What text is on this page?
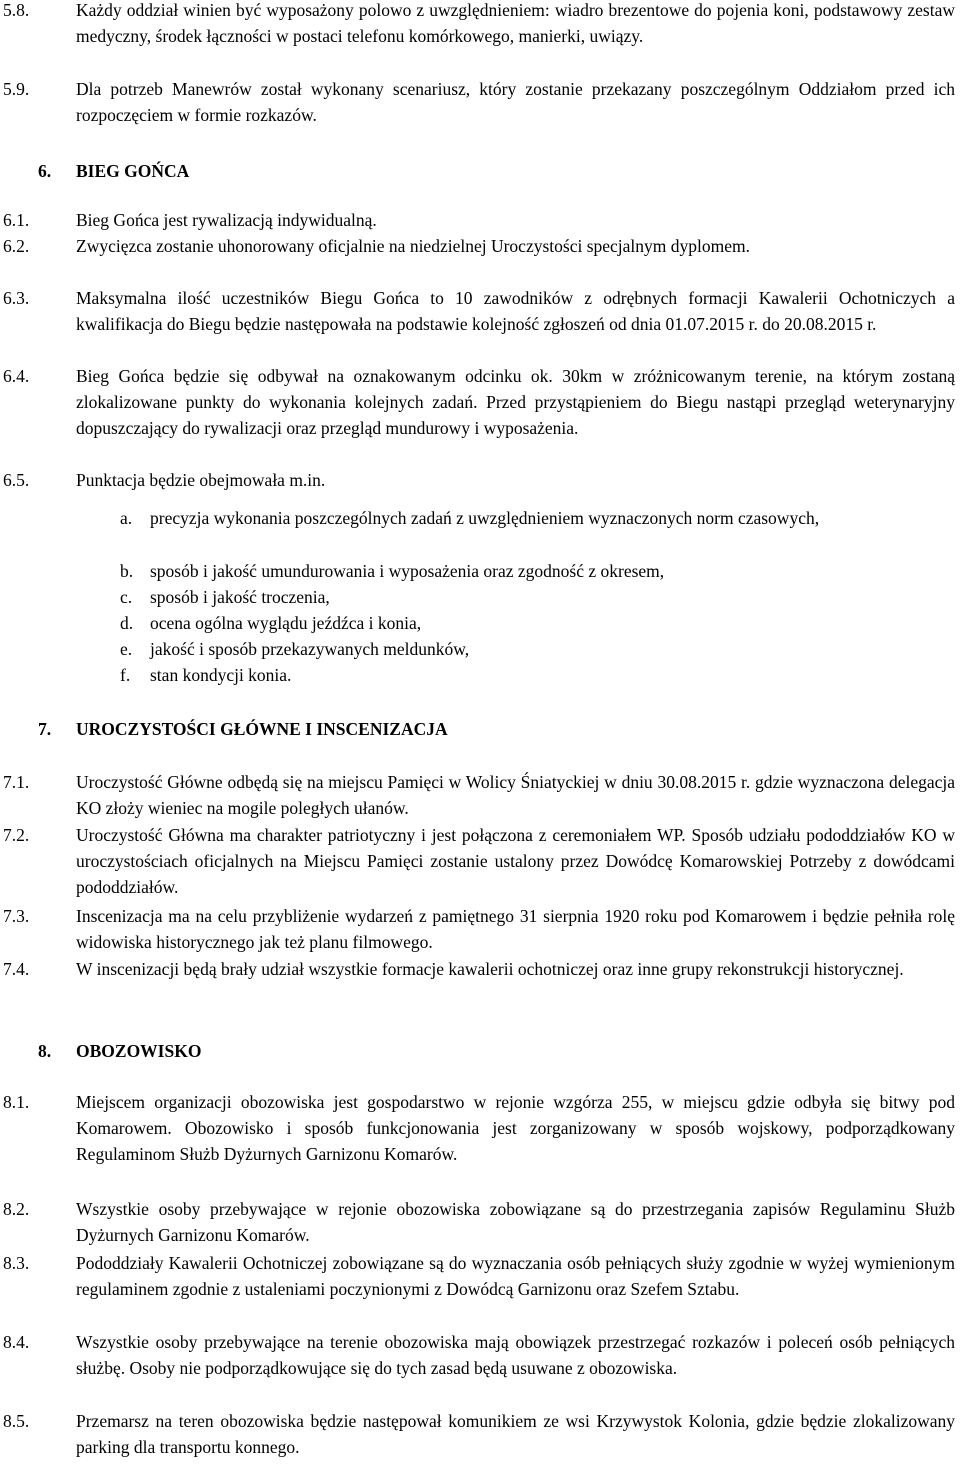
5.8.	Każdy oddział winien być wyposażony polowo z uwzględnieniem: wiadro brezentowe do pojenia koni, podstawowy zestaw medyczny, środek łączności w postaci telefonu komórkowego, manierki, uwiązy.
5.9.	Dla potrzeb Manewrów został wykonany scenariusz, który zostanie przekazany poszczególnym Oddziałom przed ich rozpoczęciem w formie rozkazów.
6.	BIEG GOŃCA
6.1.	Bieg Gońca jest rywalizacją indywidualną.
6.2.	Zwycięzca zostanie uhonorowany oficjalnie na niedzielnej Uroczystości specjalnym dyplomem.
6.3.	Maksymalna ilość uczestników Biegu Gońca to 10 zawodników z odrębnych formacji Kawalerii Ochotniczych a kwalifikacja do Biegu będzie następowała na podstawie kolejność zgłoszeń od dnia 01.07.2015 r. do 20.08.2015 r.
6.4.	Bieg Gońca będzie się odbywał na oznakowanym odcinku ok. 30km w zróżnicowanym terenie, na którym zostaną zlokalizowane punkty do wykonania kolejnych zadań. Przed przystąpieniem do Biegu nastąpi przegląd weterynaryjny dopuszczający do rywalizacji oraz przegląd mundurowy i wyposażenia.
6.5.	Punktacja będzie obejmowała m.in.
a.	precyzja wykonania poszczególnych zadań z uwzględnieniem wyznaczonych norm czasowych,
b. sposób i jakość umundurowania i wyposażenia oraz zgodność z okresem,
c.	sposób i jakość troczenia,
d. ocena ogólna wyglądu jeźdźca i konia,
e.	jakość i sposób przekazywanych meldunków,
f.	stan kondycji konia.
7.	UROCZYSTOŚCI GŁÓWNE I INSCENIZACJA
7.1.	Uroczystość Główne odbędą się na miejscu Pamięci w Wolicy Śniatyckiej w dniu 30.08.2015 r. gdzie wyznaczona delegacja KO złoży wieniec na mogile poległych ułanów.
7.2.	Uroczystość Główna ma charakter patriotyczny i jest połączona z ceremoniałem WP. Sposób udziału pododdziałów KO w uroczystościach oficjalnych na Miejscu Pamięci zostanie ustalony przez Dowódcę Komarowskiej Potrzeby z dowódcami pododdziałów.
7.3.	Inscenizacja ma na celu przybliżenie wydarzeń z pamiętnego 31 sierpnia 1920 roku pod Komarowem i będzie pełniła rolę widowiska historycznego jak też planu filmowego.
7.4.	W inscenizacji będą brały udział wszystkie formacje kawalerii ochotniczej oraz inne grupy rekonstrukcji historycznej.
8.	OBOZOWISKO
8.1.	Miejscem organizacji obozowiska jest gospodarstwo w rejonie wzgórza 255, w miejscu gdzie odbyła się bitwy pod Komarowem. Obozowisko i sposób funkcjonowania jest zorganizowany w sposób wojskowy, podporządkowany Regulaminom Służb Dyżurnych Garnizonu Komarów.
8.2.	Wszystkie osoby przebywające w rejonie obozowiska zobowiązane są do przestrzegania zapisów Regulaminu Służb Dyżurnych Garnizonu Komarów.
8.3.	Pododdziały Kawalerii Ochotniczej zobowiązane są do wyznaczania osób pełniących służy zgodnie w wyżej wymienionym regulaminem zgodnie z ustaleniami poczynionymi z Dowódcą Garnizonu oraz Szefem Sztabu.
8.4.	Wszystkie osoby przebywające na terenie obozowiska mają obowiązek przestrzegać rozkazów i poleceń osób pełniących służbę. Osoby nie podporządkowujące się do tych zasad będą usuwane z obozowiska.
8.5.	Przemarsz na teren obozowiska będzie następował komunikiem ze wsi Krzywystok Kolonia, gdzie będzie zlokalizowany parking dla transportu konnego.
